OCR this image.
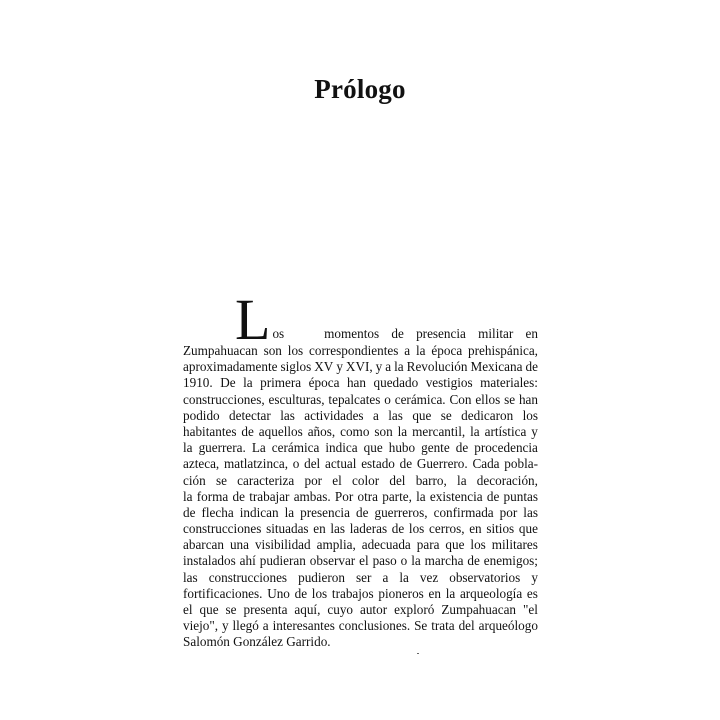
Prólogo
L os	momentos de presencia militar en
Zumpahuacan son los correspondientes a la época prehispánica,
aproximadamente siglos XV y XVI, y a la Revolución Mexicana de
1910. De la primera época han quedado vestigios materiales:
construcciones, esculturas, tepalcates o cerámica. Con ellos se han
podido detectar las actividades a las que se dedicaron los
habitantes de aquellos años, como son la mercantil, la artística y
la guerrera. La cerámica indica que hubo gente de procedencia
azteca, matlatzinca, o del actual estado de Guerrero. Cada pobla-
ción se caracteriza por el color del barro, la decoración,
la forma de trabajar ambas. Por otra parte, la existencia de puntas
de flecha indican la presencia de guerreros, confirmada por las
construcciones situadas en las laderas de los cerros, en sitios que
abarcan una visibilidad amplia, adecuada para que los militares
instalados ahí pudieran observar el paso o la marcha de enemigos;
las construcciones pudieron ser a la vez observatorios y
fortificaciones. Uno de los trabajos pioneros en la arqueología es
el que se presenta aquí, cuyo autor exploró Zumpahuacan "el
viejo", y llegó a interesantes conclusiones. Se trata del arqueólogo
Salomón González Garrido.
